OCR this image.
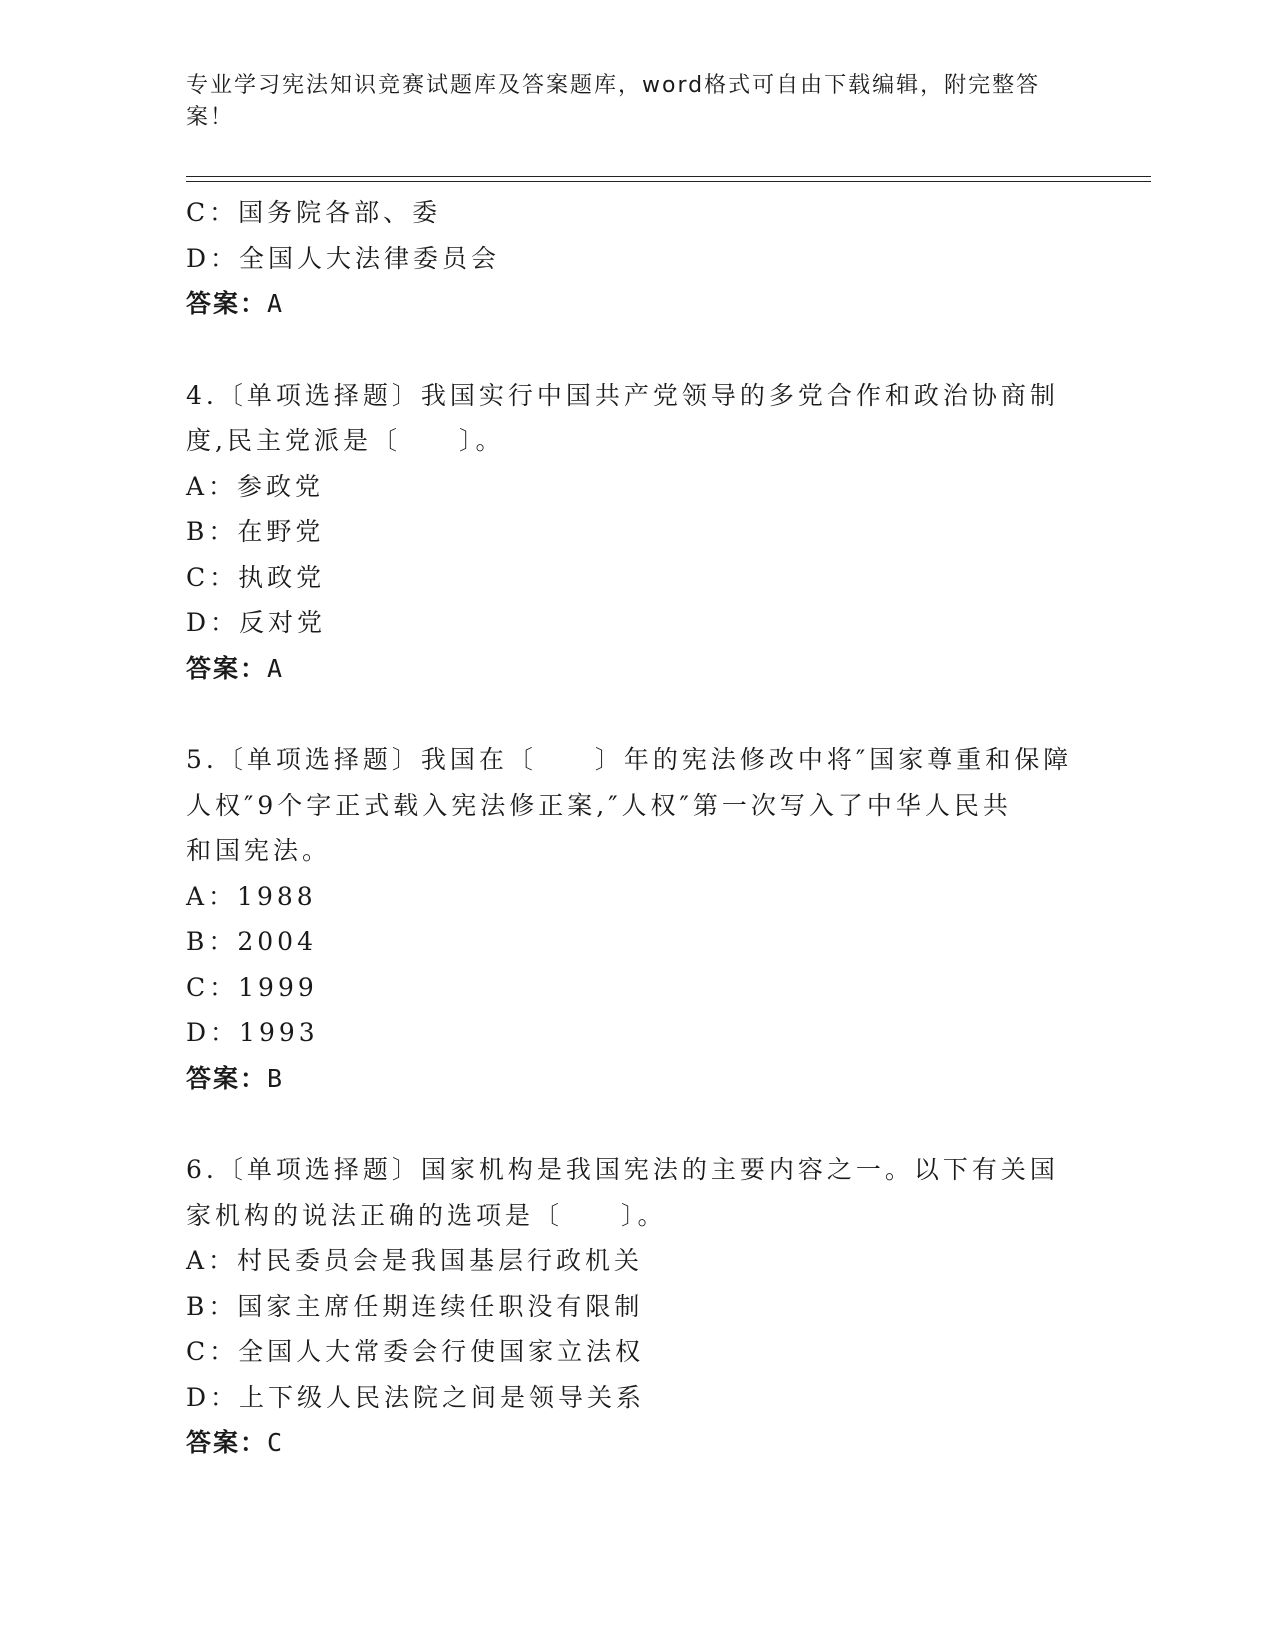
专业学习宪法知识竞赛试题库及答案题库，word格式可自由下载编辑，附完整答
案！
C：国务院各部、委
D：全国人大法律委员会
答案：A
4.〔单项选择题〕我国实行中国共产党领导的多党合作和政治协商制
度,民主党派是〔　　〕。
A：参政党
B：在野党
C：执政党
D：反对党
答案：A
5.〔单项选择题〕我国在〔　　〕年的宪法修改中将″国家尊重和保障
人权″9个字正式载入宪法修正案,″人权″第一次写入了中华人民共
和国宪法。
A：1988
B：2004
C：1999
D：1993
答案：B
6.〔单项选择题〕国家机构是我国宪法的主要内容之一。以下有关国
家机构的说法正确的选项是〔　　〕。
A：村民委员会是我国基层行政机关
B：国家主席任期连续任职没有限制
C：全国人大常委会行使国家立法权
D：上下级人民法院之间是领导关系
答案：C
